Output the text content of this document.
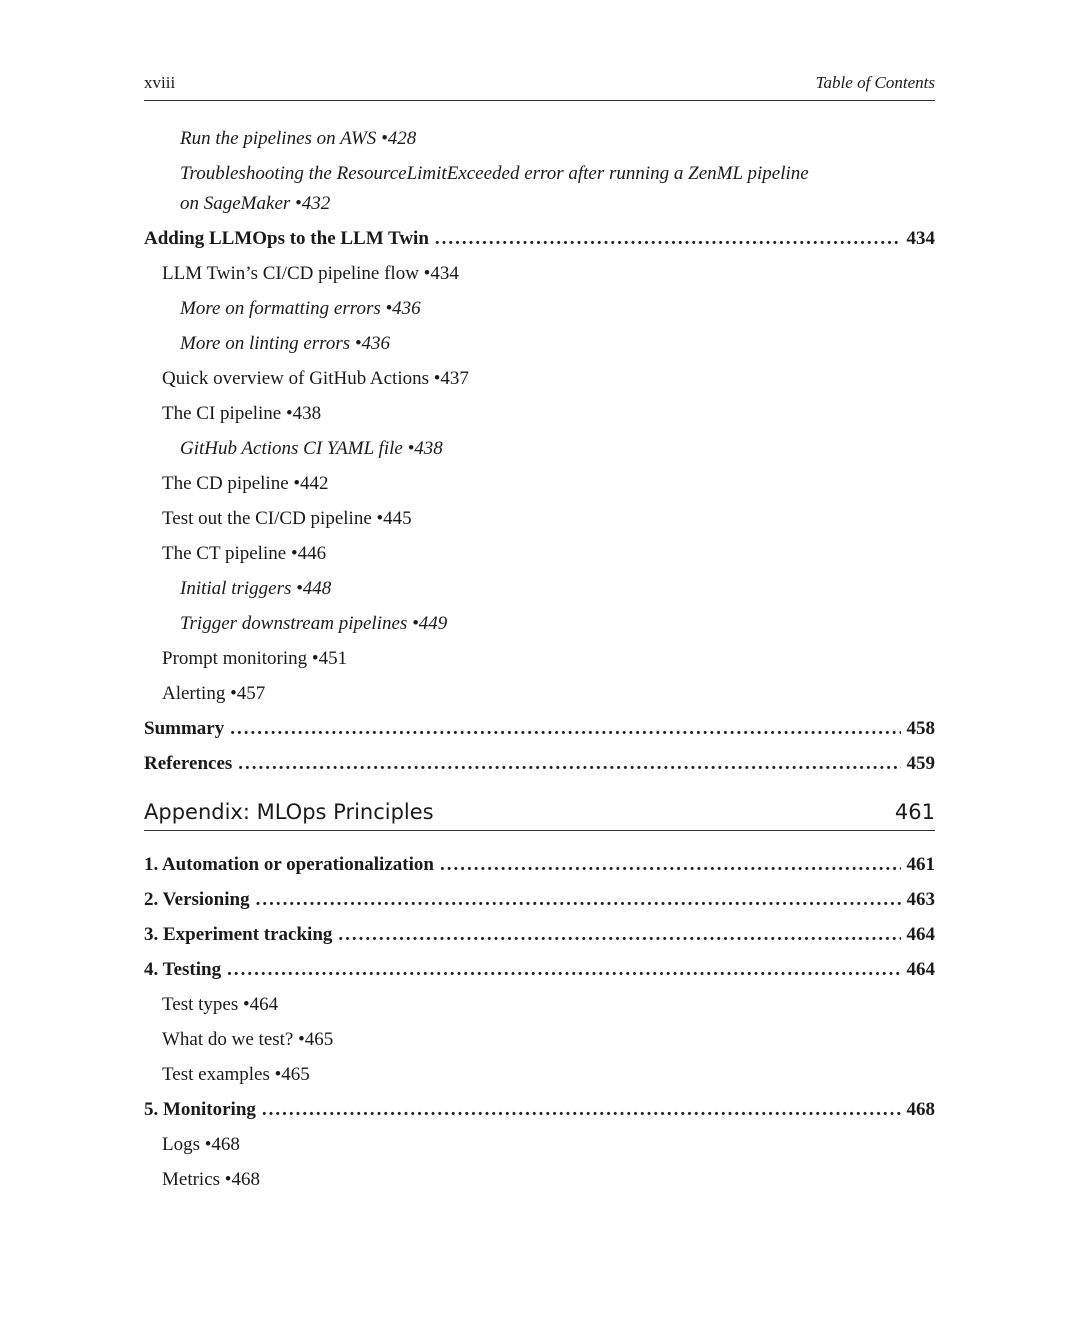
xviii	Table of Contents
Run the pipelines on AWS • 428
Troubleshooting the ResourceLimitExceeded error after running a ZenML pipeline
on SageMaker • 432
Adding LLMOps to the LLM Twin .....	434
LLM Twin’s CI/CD pipeline flow • 434
More on formatting errors • 436
More on linting errors • 436
Quick overview of GitHub Actions • 437
The CI pipeline • 438
GitHub Actions CI YAML file • 438
The CD pipeline • 442
Test out the CI/CD pipeline • 445
The CT pipeline • 446
Initial triggers • 448
Trigger downstream pipelines • 449
Prompt monitoring • 451
Alerting • 457
Summary .....	458
References .....	459
Appendix: MLOps Principles	461
1. Automation or operationalization .....	461
2. Versioning .....	463
3. Experiment tracking .....	464
4. Testing .....	464
Test types • 464
What do we test? • 465
Test examples • 465
5. Monitoring .....	468
Logs • 468
Metrics • 468
